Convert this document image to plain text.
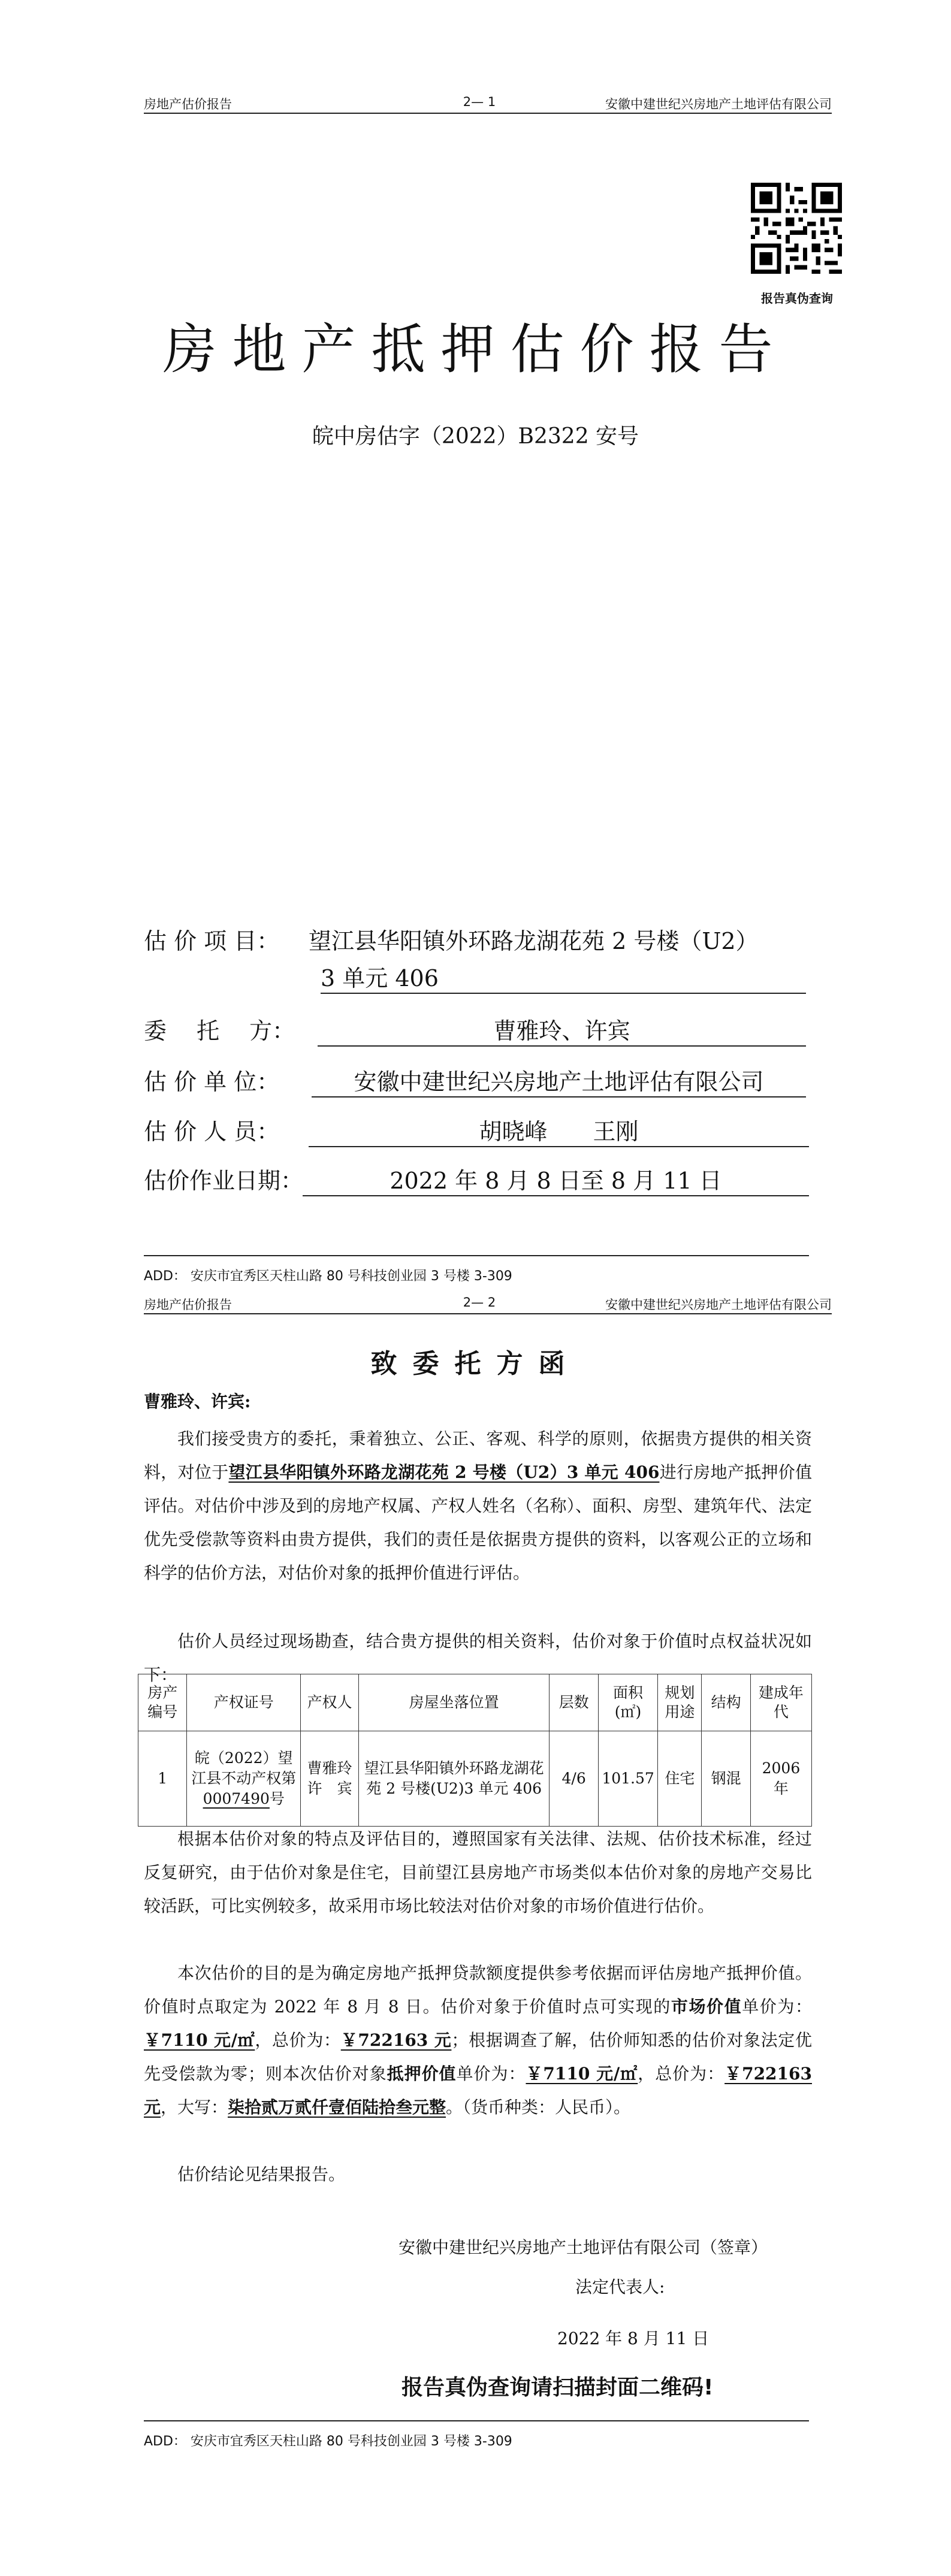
房地产估价报告	2— 1	安徽中建世纪兴房地产土地评估有限公司
报告真伪查询
房地产抵押估价报告
皖中房估字（2022）B2322 安号
估 价 项 目： 望江县华阳镇外环路龙湖花苑 2 号楼（U2）
3 单元 406
委　 托　 方：	曹雅玲、许宾
估 价 单 位：	安徽中建世纪兴房地产土地评估有限公司
估 价 人 员：	胡晓峰　　王刚
估价作业日期：	2022 年 8 月 8 日至 8 月 11 日
ADD： 安庆市宜秀区天柱山路 80 号科技创业园 3 号楼 3-309
房地产估价报告	2— 2	安徽中建世纪兴房地产土地评估有限公司
致委托方函
曹雅玲、许宾:
我们接受贵方的委托，秉着独立、公正、客观、科学的原则，依据贵方提供的相关资料，对位于望江县华阳镇外环路龙湖花苑 2 号楼（U2）3 单元 406进行房地产抵押价值评估。对估价中涉及到的房地产权属、产权人姓名（名称）、面积、房型、建筑年代、法定优先受偿款等资料由贵方提供，我们的责任是依据贵方提供的资料，以客观公正的立场和科学的估价方法，对估价对象的抵押价值进行评估。
估价人员经过现场勘查，结合贵方提供的相关资料，估价对象于价值时点权益状况如下：
房产编号	产权证号	产权人	房屋坐落位置	层数	面积(㎡)	规划用途	结构	建成年代
1	皖（2022）望江县不动产权第0007490号	曹雅玲 许　宾	望江县华阳镇外环路龙湖花苑 2 号楼(U2)3 单元 406	4/6	101.57	住宅	钢混	2006 年
根据本估价对象的特点及评估目的，遵照国家有关法律、法规、估价技术标准，经过反复研究，由于估价对象是住宅，目前望江县房地产市场类似本估价对象的房地产交易比较活跃，可比实例较多，故采用市场比较法对估价对象的市场价值进行估价。
本次估价的目的是为确定房地产抵押贷款额度提供参考依据而评估房地产抵押价值。价值时点取定为 2022 年 8 月 8 日。估价对象于价值时点可实现的市场价值单价为：￥7110 元/㎡，总价为：￥722163 元；根据调查了解，估价师知悉的估价对象法定优先受偿款为零；则本次估价对象抵押价值单价为：￥7110 元/㎡，总价为：￥722163 元，大写：柒拾贰万贰仟壹佰陆拾叁元整。（货币种类：人民币）。
估价结论见结果报告。
安徽中建世纪兴房地产土地评估有限公司（签章）
法定代表人:
2022 年 8 月 11 日
报告真伪查询请扫描封面二维码!
ADD： 安庆市宜秀区天柱山路 80 号科技创业园 3 号楼 3-309
